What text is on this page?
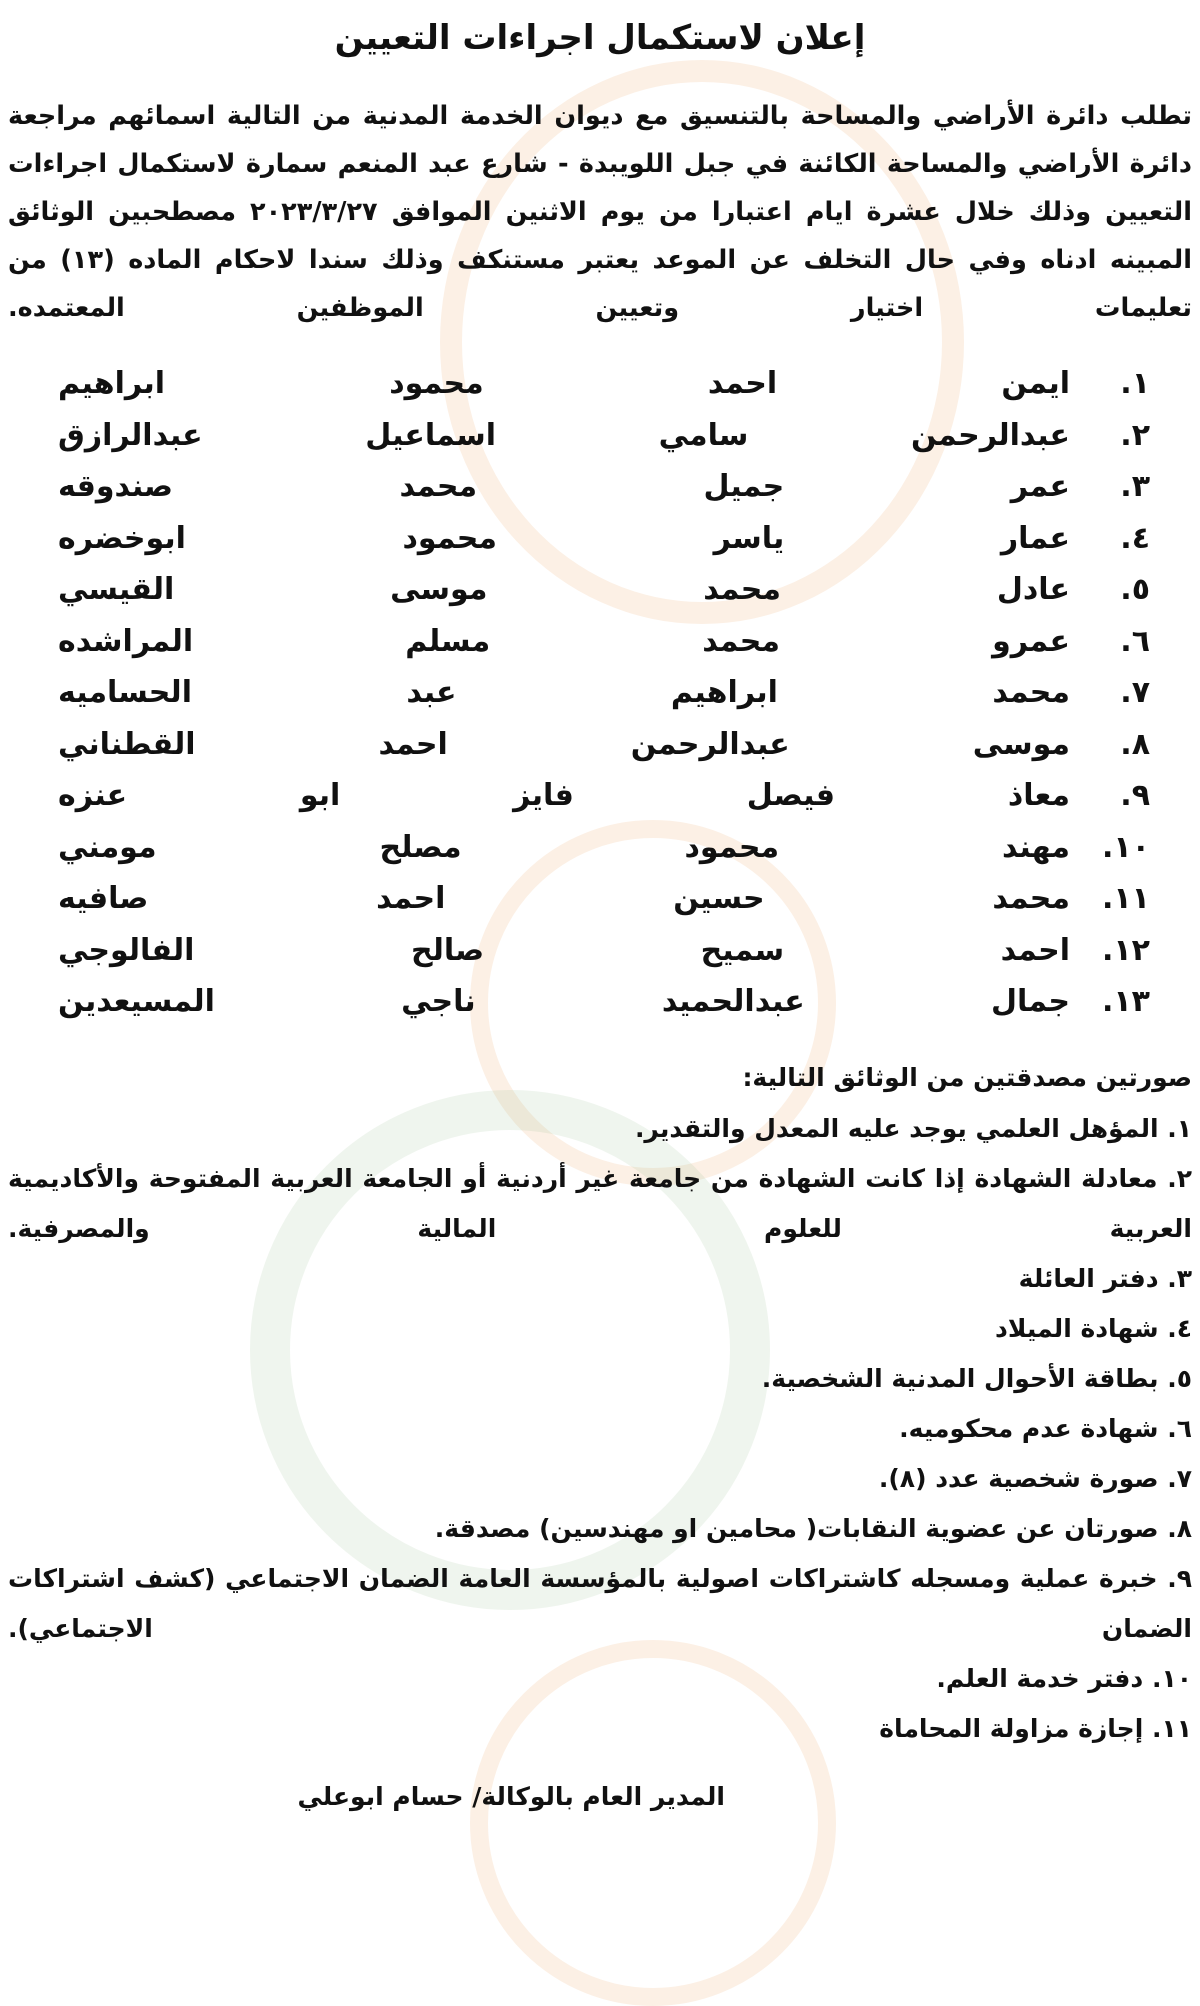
إعلان لاستكمال اجراءات التعيين
تطلب دائرة الأراضي والمساحة بالتنسيق مع ديوان الخدمة المدنية من التالية اسمائهم مراجعة دائرة الأراضي والمساحة الكائنة في جبل اللويبدة - شارع عبد المنعم سمارة لاستكمال اجراءات التعيين وذلك خلال عشرة ايام اعتبارا من يوم الاثنين الموافق ٢٠٢٣/٣/٢٧ مصطحبين الوثائق المبينه ادناه وفي حال التخلف عن الموعد يعتبر مستنكف وذلك سندا لاحكام الماده (١٣) من تعليمات اختيار وتعيين الموظفين المعتمده.
١.
ايمن احمد محمود ابراهيم
٢.
عبدالرحمن سامي اسماعيل عبدالرازق
٣.
عمر جميل محمد صندوقه
٤.
عمار ياسر محمود ابوخضره
٥.
عادل محمد موسى القيسي
٦.
عمرو محمد مسلم المراشده
٧.
محمد ابراهيم عبد الحساميه
٨.
موسى عبدالرحمن احمد القطناني
٩.
معاذ فيصل فايز ابو عنزه
١٠.
مهند محمود مصلح مومني
١١.
محمد حسين احمد صافيه
١٢.
احمد سميح صالح الفالوجي
١٣.
جمال عبدالحميد ناجي المسيعدين
صورتين مصدقتين من الوثائق التالية:
١. المؤهل العلمي يوجد عليه المعدل والتقدير.
٢. معادلة الشهادة إذا كانت الشهادة من جامعة غير أردنية أو الجامعة العربية المفتوحة والأكاديمية العربية للعلوم المالية والمصرفية.
٣. دفتر العائلة
٤. شهادة الميلاد
٥. بطاقة الأحوال المدنية الشخصية.
٦. شهادة عدم محكوميه.
٧. صورة شخصية عدد (٨).
٨. صورتان عن عضوية النقابات( محامين او مهندسين) مصدقة.
٩. خبرة عملية ومسجله كاشتراكات اصولية بالمؤسسة العامة الضمان الاجتماعي (كشف اشتراكات الضمان الاجتماعي).
١٠. دفتر خدمة العلم.
١١. إجازة مزاولة المحاماة
المدير العام بالوكالة/ حسام ابوعلي
